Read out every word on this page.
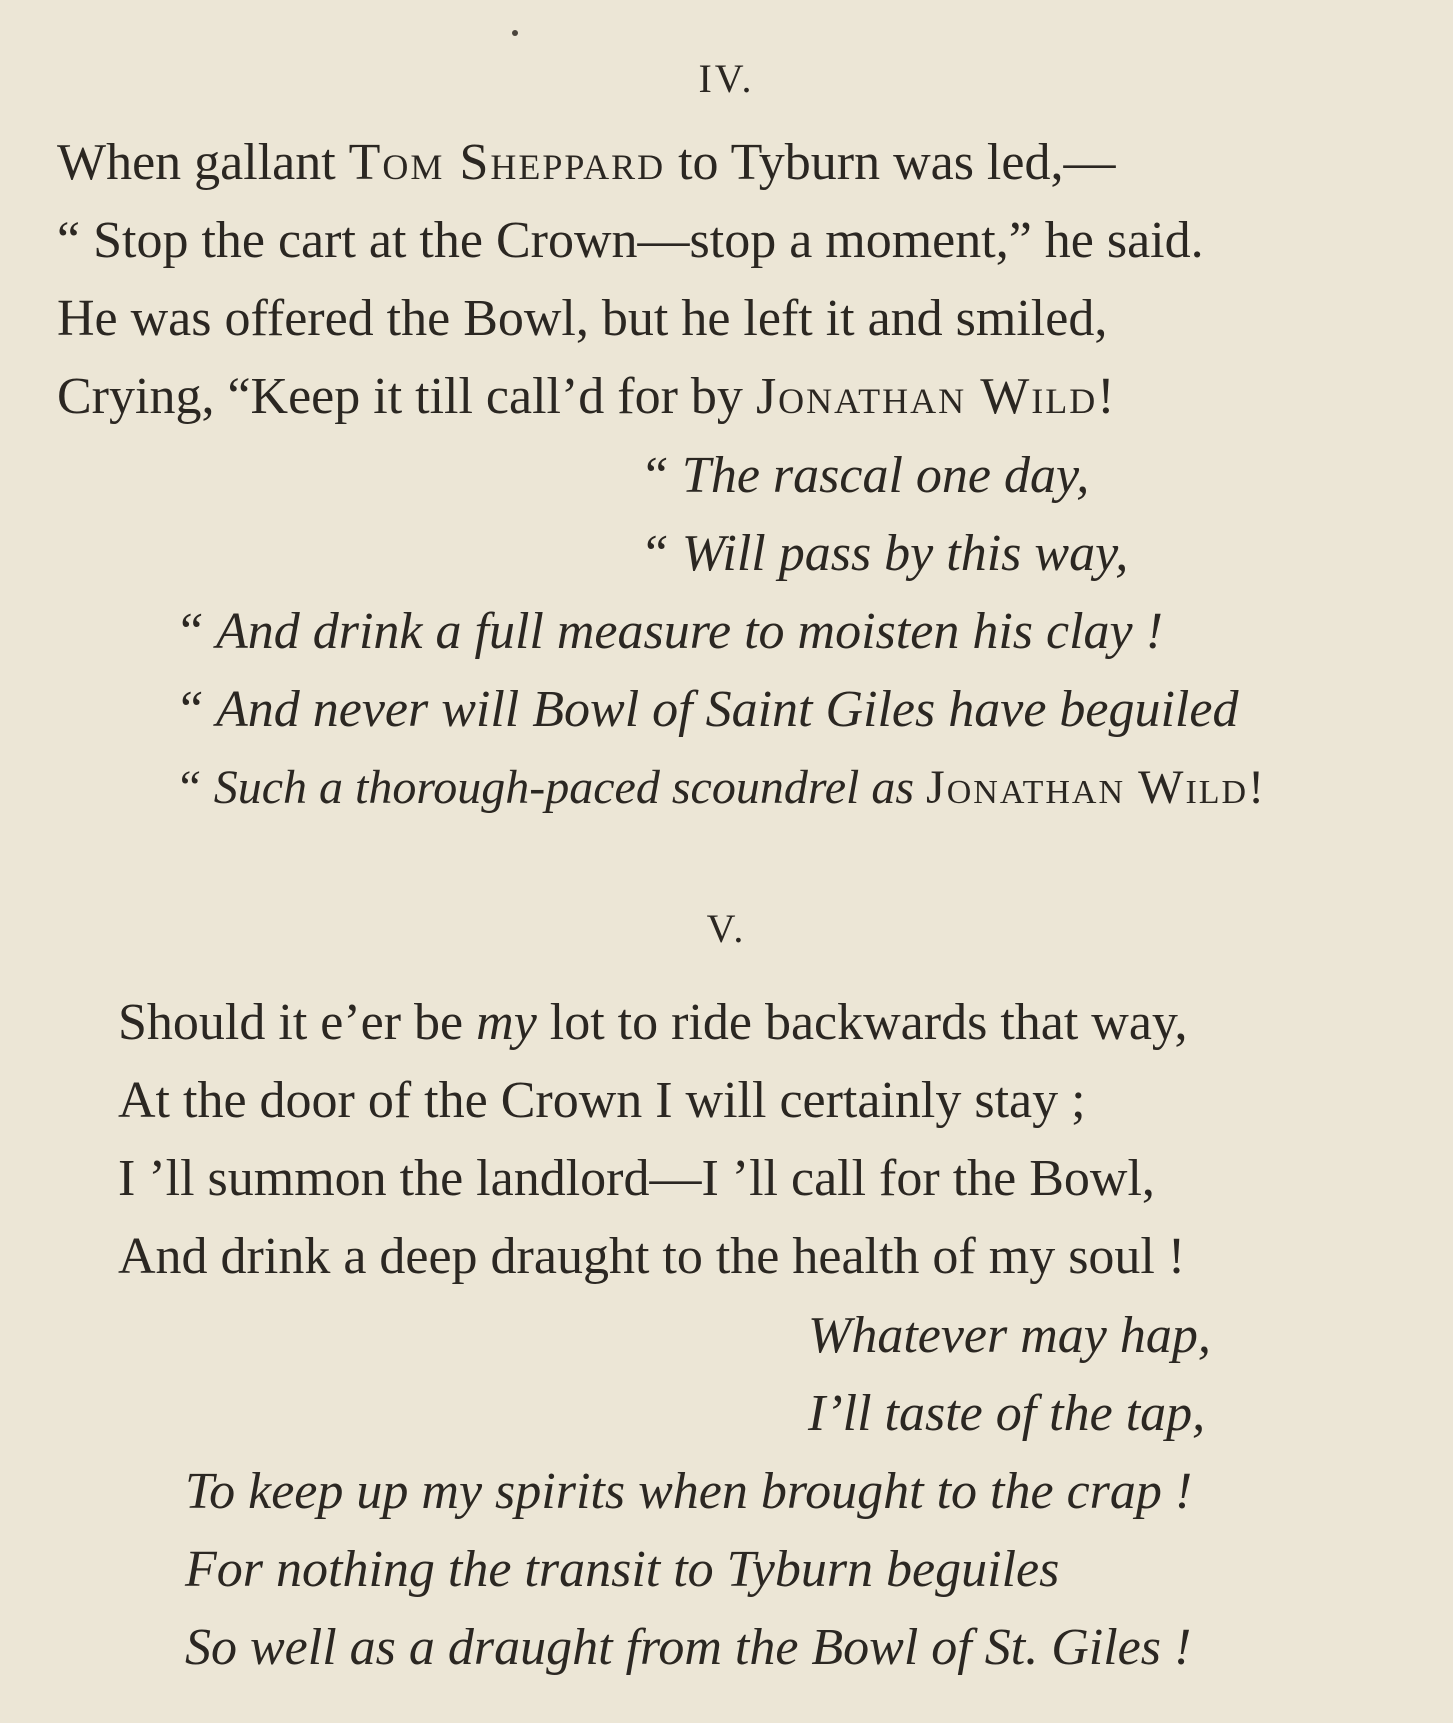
IV.
When gallant Tom Sheppard to Tyburn was led,—
“ Stop the cart at the Crown—stop a moment,” he said.
He was offered the Bowl, but he left it and smiled,
Crying, “Keep it till call’d for by Jonathan Wild!
“ The rascal one day,
“ Will pass by this way,
“ And drink a full measure to moisten his clay !
“ And never will Bowl of Saint Giles have beguiled
“ Such a thorough-paced scoundrel as Jonathan Wild!
V.
Should it e’er be my lot to ride backwards that way,
At the door of the Crown I will certainly stay ;
I ’ll summon the landlord—I ’ll call for the Bowl,
And drink a deep draught to the health of my soul !
Whatever may hap,
I’ll taste of the tap,
To keep up my spirits when brought to the crap !
For nothing the transit to Tyburn beguiles
So well as a draught from the Bowl of St. Giles !
